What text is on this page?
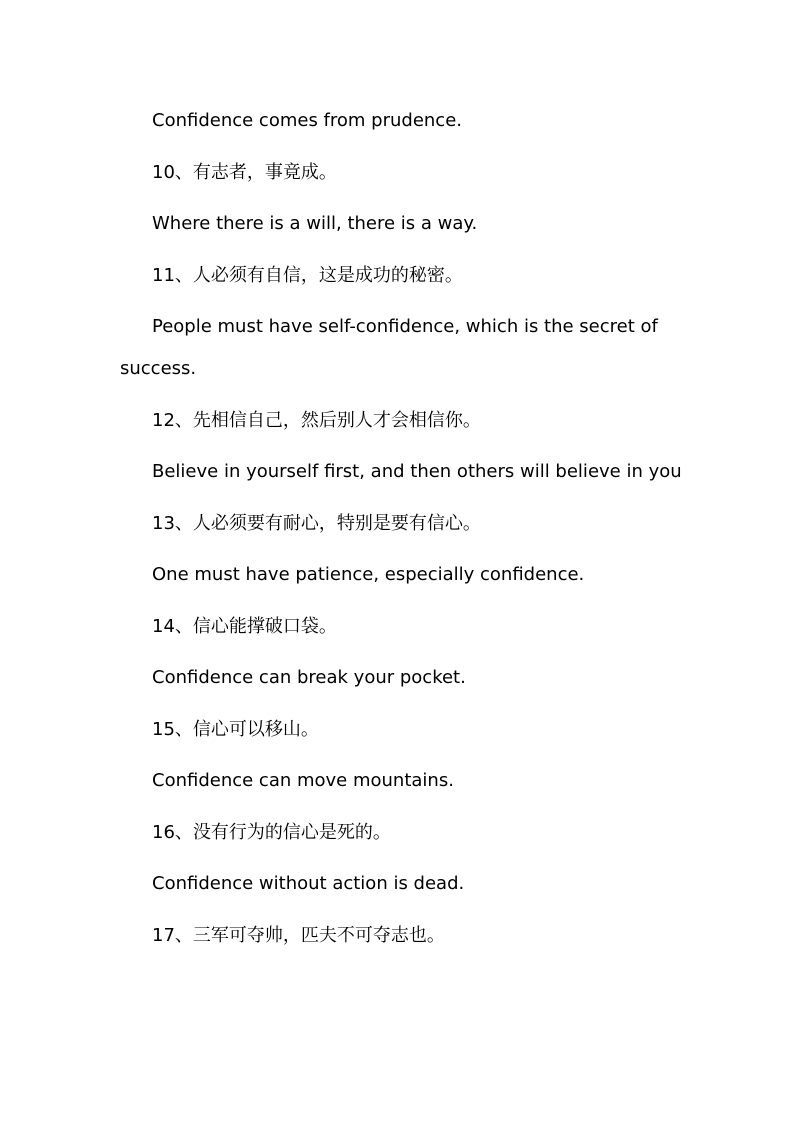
Confidence comes from prudence.

10、有志者，事竟成。

Where there is a will, there is a way.

11、人必须有自信，这是成功的秘密。

People must have self-confidence, which is the secret of success.

12、先相信自己，然后别人才会相信你。

Believe in yourself first, and then others will believe in you

13、人必须要有耐心，特别是要有信心。

One must have patience, especially confidence.

14、信心能撑破口袋。

Confidence can break your pocket.

15、信心可以移山。

Confidence can move mountains.

16、没有行为的信心是死的。

Confidence without action is dead.

17、三军可夺帅，匹夫不可夺志也。
